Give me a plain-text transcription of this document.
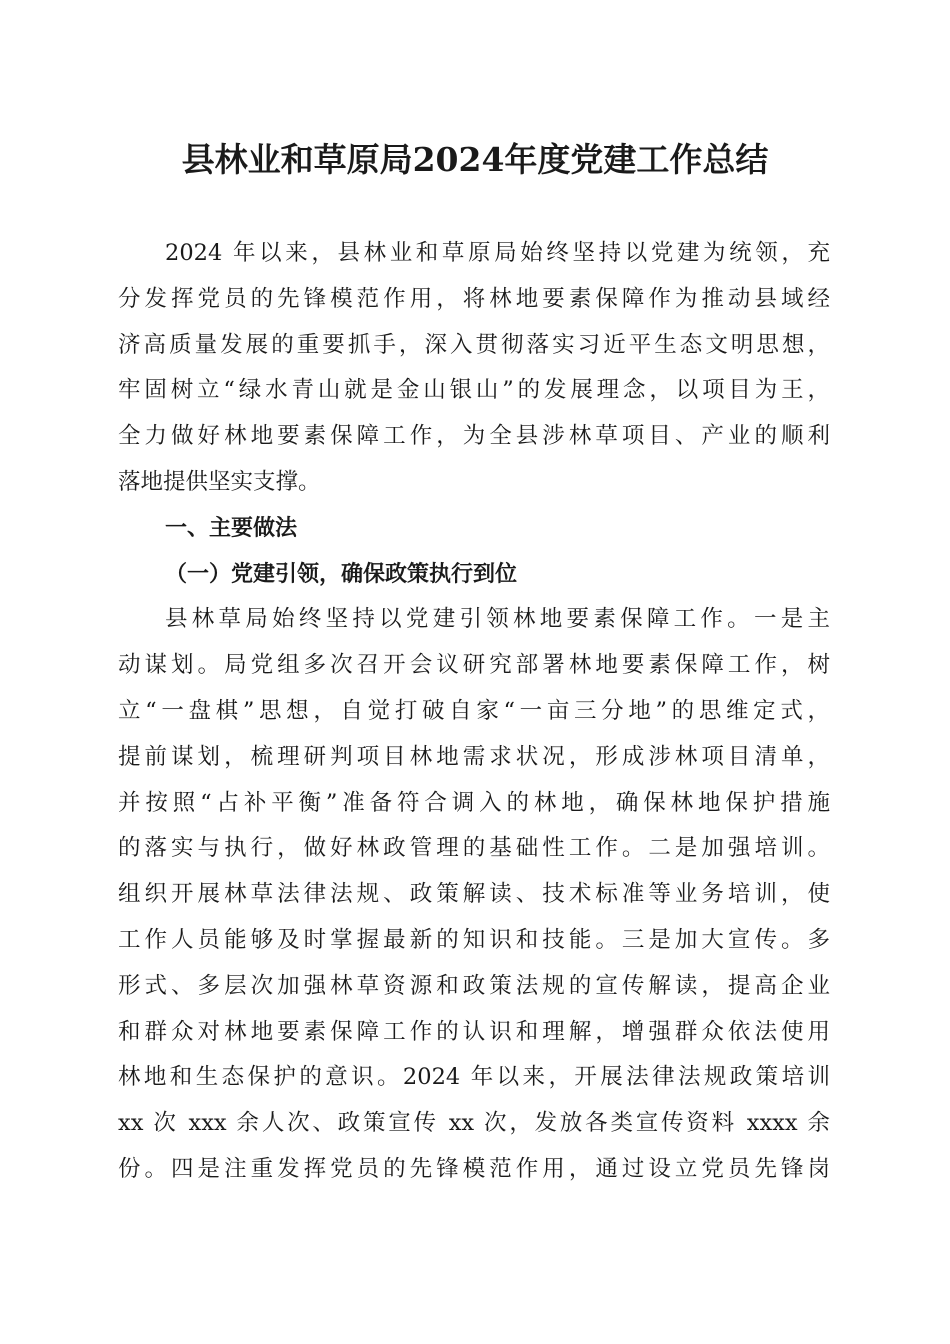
县林业和草原局2024年度党建工作总结
2024 年以来，县林业和草原局始终坚持以党建为统领，充
分发挥党员的先锋模范作用，将林地要素保障作为推动县域经
济高质量发展的重要抓手，深入贯彻落实习近平生态文明思想，
牢固树立“绿水青山就是金山银山”的发展理念，以项目为王，
全力做好林地要素保障工作，为全县涉林草项目、产业的顺利
落地提供坚实支撑。
一、主要做法
（一）党建引领，确保政策执行到位
县林草局始终坚持以党建引领林地要素保障工作。一是主
动谋划。局党组多次召开会议研究部署林地要素保障工作，树
立“一盘棋”思想，自觉打破自家“一亩三分地”的思维定式，
提前谋划，梳理研判项目林地需求状况，形成涉林项目清单，
并按照“占补平衡”准备符合调入的林地，确保林地保护措施
的落实与执行，做好林政管理的基础性工作。二是加强培训。
组织开展林草法律法规、政策解读、技术标准等业务培训，使
工作人员能够及时掌握最新的知识和技能。三是加大宣传。多
形式、多层次加强林草资源和政策法规的宣传解读，提高企业
和群众对林地要素保障工作的认识和理解，增强群众依法使用
林地和生态保护的意识。2024 年以来，开展法律法规政策培训
xx 次 xxx 余人次、政策宣传 xx 次，发放各类宣传资料 xxxx 余
份。四是注重发挥党员的先锋模范作用，通过设立党员先锋岗
